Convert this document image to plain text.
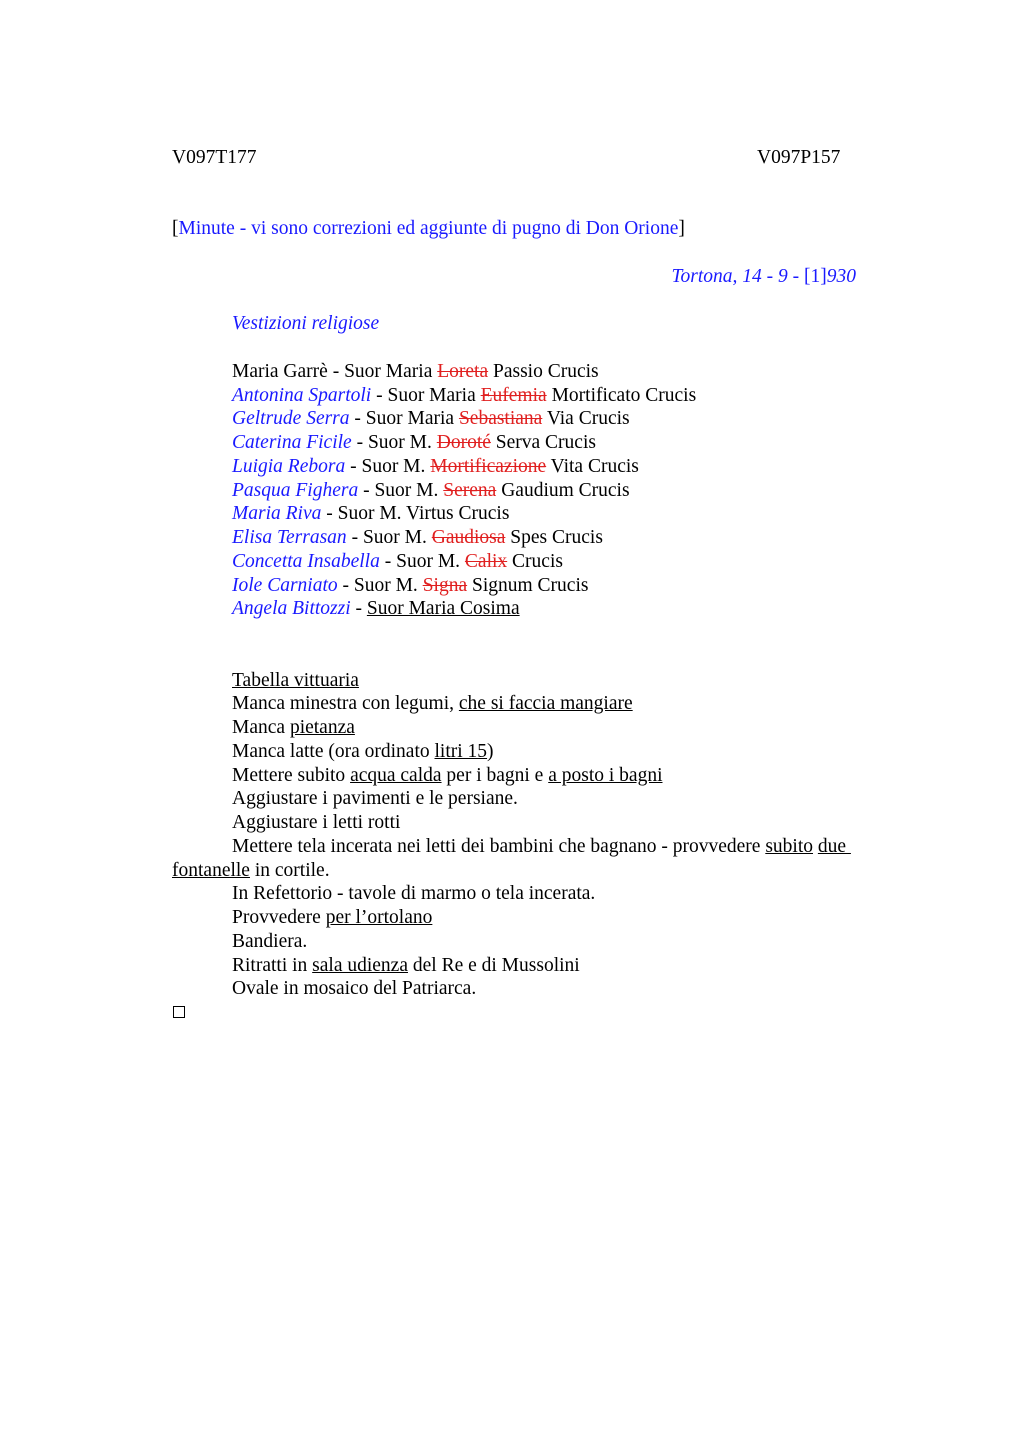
V097T177	V097P157
[Minute - vi sono correzioni ed aggiunte di pugno di Don Orione]
Tortona, 14 - 9 - [1]930
Vestizioni religiose
Maria Garrè - Suor Maria Loreta Passio Crucis
Antonina Spartoli - Suor Maria Eufemia Mortificato Crucis
Geltrude Serra - Suor Maria Sebastiana Via Crucis
Caterina Ficile - Suor M. Doroté Serva Crucis
Luigia Rebora - Suor M. Mortificazione Vita Crucis
Pasqua Fighera - Suor M. Serena Gaudium Crucis
Maria Riva - Suor M. Virtus Crucis
Elisa Terrasan - Suor M. Gaudiosa Spes Crucis
Concetta Insabella - Suor M. Calix Crucis
Iole Carniato - Suor M. Signa Signum Crucis
Angela Bittozzi - Suor Maria Cosima
Tabella vittuaria
Manca minestra con legumi, che si faccia mangiare
Manca pietanza
Manca latte (ora ordinato litri 15)
Mettere subito acqua calda per i bagni e a posto i bagni
Aggiustare i pavimenti e le persiane.
Aggiustare i letti rotti
Mettere tela incerata nei letti dei bambini che bagnano - provvedere subito due
fontanelle in cortile.
In Refettorio - tavole di marmo o tela incerata.
Provvedere per l’ortolano
Bandiera.
Ritratti in sala udienza del Re e di Mussolini
Ovale in mosaico del Patriarca.
